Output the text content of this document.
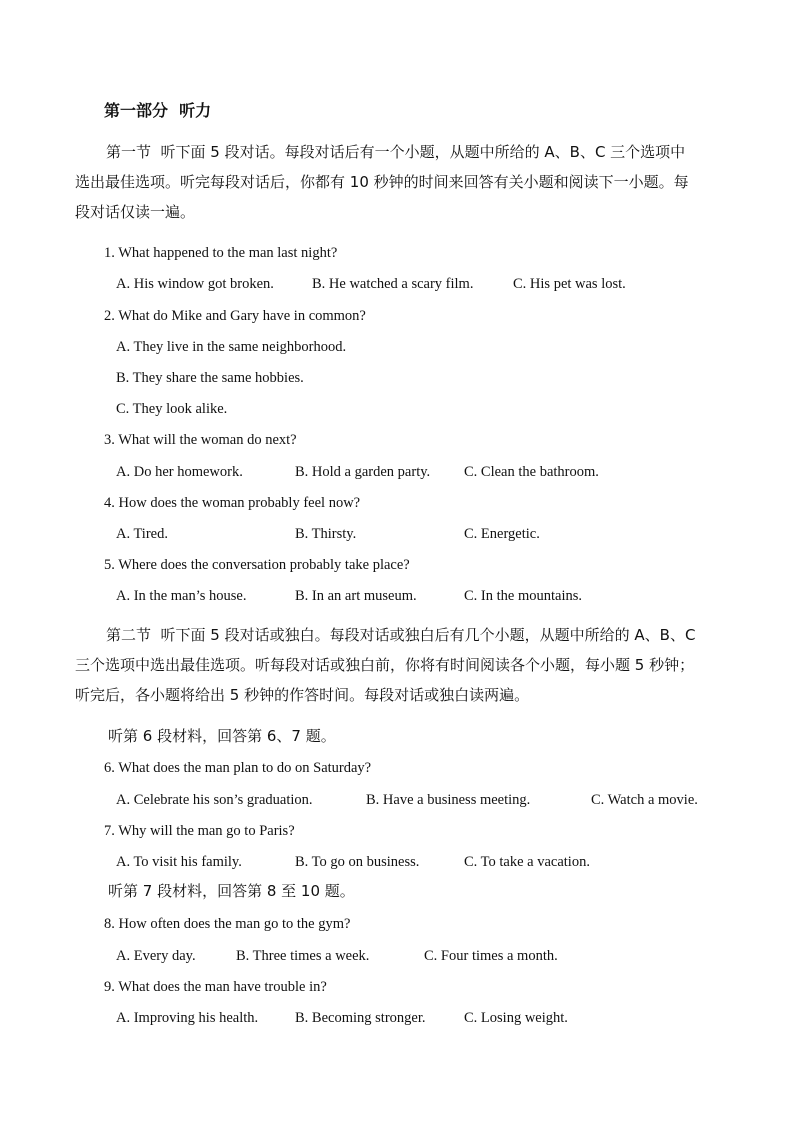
第一部分  听力
第一节  听下面 5 段对话。每段对话后有一个小题，从题中所给的 A、B、C 三个选项中
选出最佳选项。听完每段对话后，你都有 10 秒钟的时间来回答有关小题和阅读下一小题。每
段对话仅读一遍。
1. What happened to the man last night?
A. His window got broken.	B. He watched a scary film.	C. His pet was lost.
2. What do Mike and Gary have in common?
A. They live in the same neighborhood.
B. They share the same hobbies.
C. They look alike.
3. What will the woman do next?
A. Do her homework.	B. Hold a garden party. C. Clean the bathroom.
4. How does the woman probably feel now?
A. Tired.	B. Thirsty.	C. Energetic.
5. Where does the conversation probably take place?
A. In the man’s house.	B. In an art museum.	C. In the mountains.
第二节  听下面 5 段对话或独白。每段对话或独白后有几个小题，从题中所给的 A、B、C
三个选项中选出最佳选项。听每段对话或独白前，你将有时间阅读各个小题，每小题 5 秒钟；
听完后，各小题将给出 5 秒钟的作答时间。每段对话或独白读两遍。
听第 6 段材料，回答第 6、7 题。
6. What does the man plan to do on Saturday?
A. Celebrate his son’s graduation.	B. Have a business meeting.	C. Watch a movie.
7. Why will the man go to Paris?
A. To visit his family.	B. To go on business.	C. To take a vacation.
听第 7 段材料，回答第 8 至 10 题。
8. How often does the man go to the gym?
A. Every day.	B. Three times a week.	C. Four times a month.
9. What does the man have trouble in?
A. Improving his health.	B. Becoming stronger.	C. Losing weight.
